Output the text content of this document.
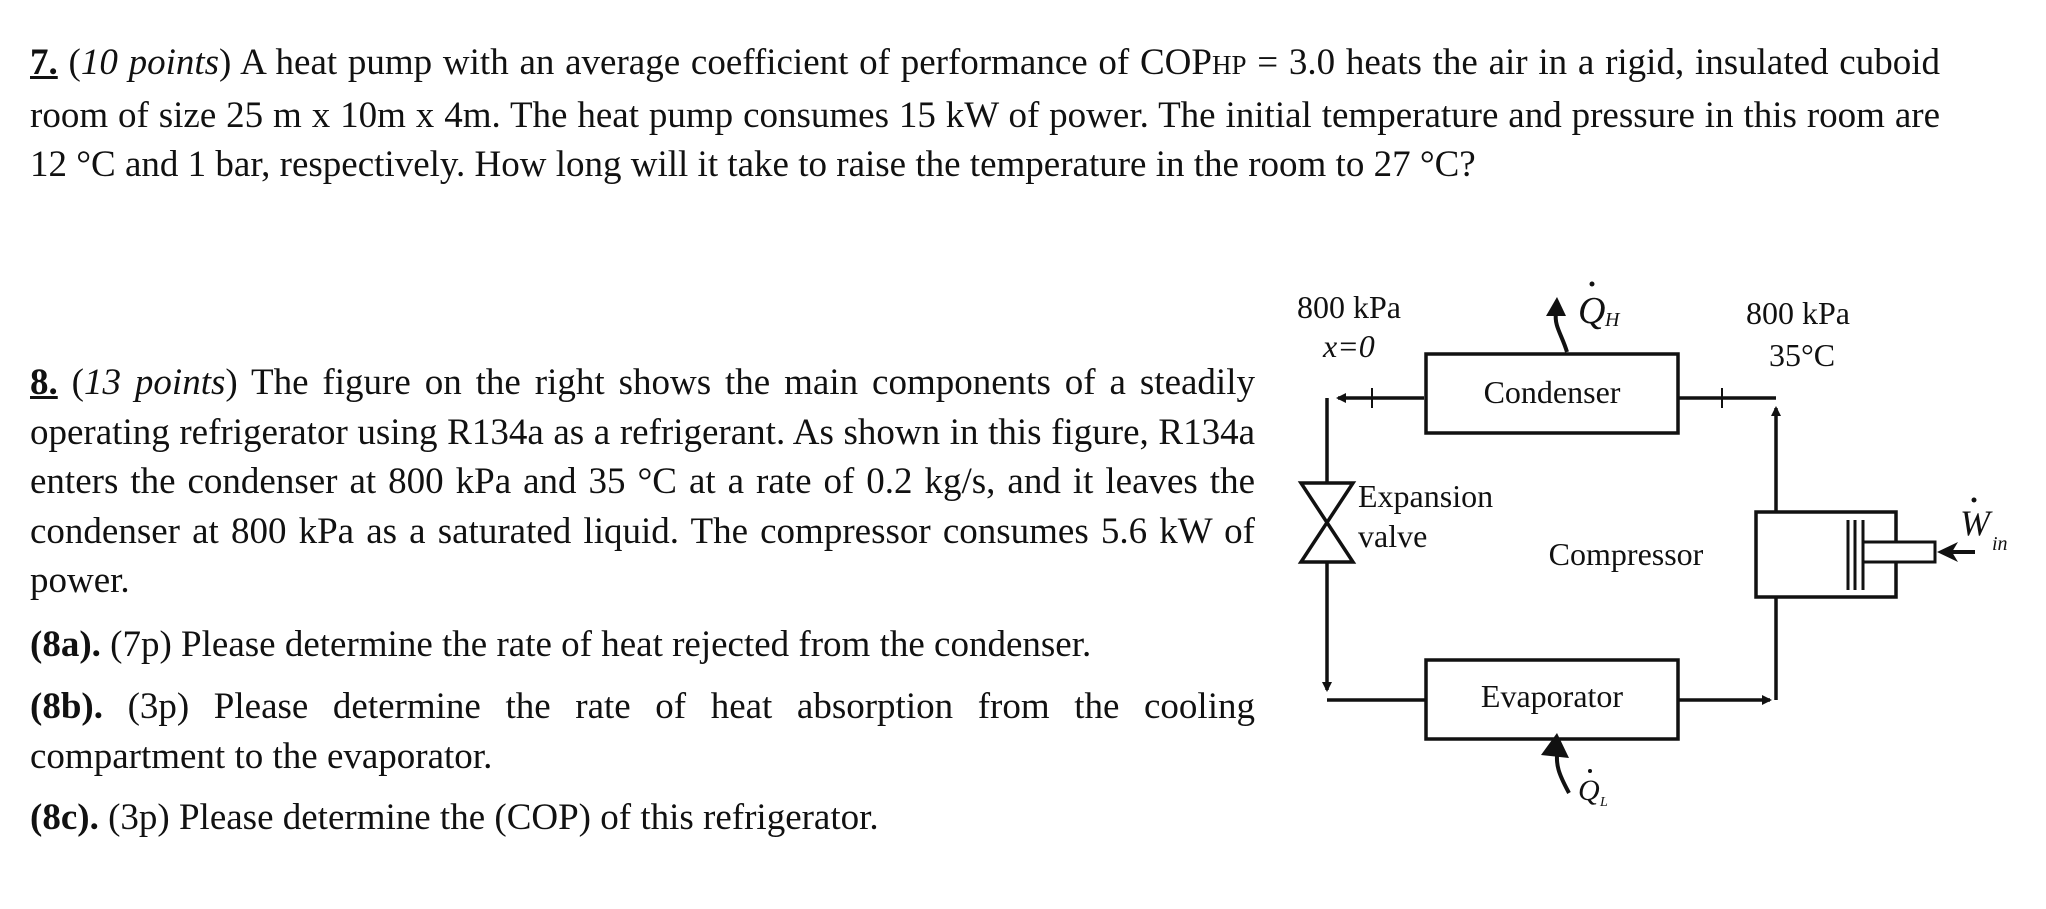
7. (10 points) A heat pump with an average coefficient of performance of COPHP = 3.0 heats the air in a rigid, insulated cuboid room of size 25 m x 10m x 4m. The heat pump consumes 15 kW of power. The initial temperature and pressure in this room are 12 °C and 1 bar, respectively. How long will it take to raise the temperature in the room to 27 °C?
8. (13 points) The figure on the right shows the main components of a steadily operating refrigerator using R134a as a refrigerant. As shown in this figure, R134a enters the condenser at 800 kPa and 35 °C at a rate of 0.2 kg/s, and it leaves the condenser at 800 kPa as a saturated liquid. The compressor consumes 5.6 kW of power.
(8a). (7p) Please determine the rate of heat rejected from the condenser.
(8b). (3p) Please determine the rate of heat absorption from the cooling compartment to the evaporator.
(8c). (3p) Please determine the (COP) of this refrigerator.
Condenser
Evaporator
Expansion
valve	Compressor
W
in
Q H
Q L
800 kPa
x=0
800 kPa
35°C
